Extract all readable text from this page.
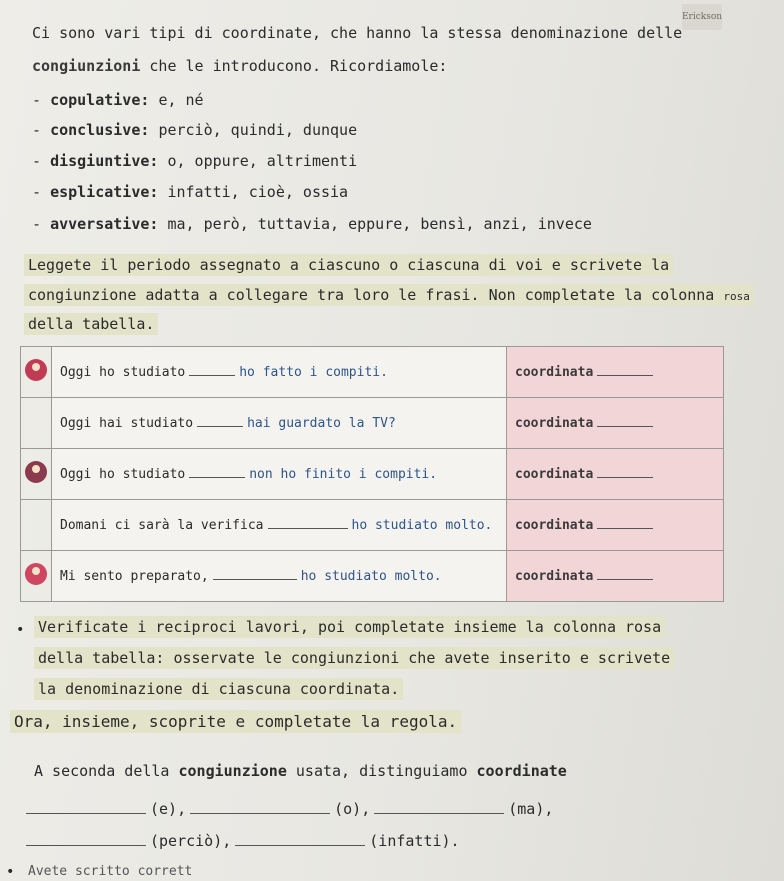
Erickson
Ci sono vari tipi di coordinate, che hanno la stessa denominazione delle
congiunzioni che le introducono. Ricordiamole:
- copulative: e, né
- conclusive: perciò, quindi, dunque
- disgiuntive: o, oppure, altrimenti
- esplicative: infatti, cioè, ossia
- avversative: ma, però, tuttavia, eppure, bensì, anzi, invece
Leggete il periodo assegnato a ciascuno o ciascuna di voi e scrivete la
congiunzione adatta a collegare tra loro le frasi. Non completate la colonna rosa
della tabella.
	Oggi ho studiato ho fatto i compiti.	coordinata
	Oggi hai studiato hai guardato la TV?	coordinata
	Oggi ho studiato non ho finito i compiti.	coordinata
	Domani ci sarà la verifica ho studiato molto.	coordinata
	Mi sento preparato, ho studiato molto.	coordinata
• Verificate i reciproci lavori, poi completate insieme la colonna rosa
della tabella: osservate le congiunzioni che avete inserito e scrivete
la denominazione di ciascuna coordinata.
Ora, insieme, scoprite e completate la regola.
A seconda della congiunzione usata, distinguiamo coordinate
(e),	(o),	(ma),
(perciò),	(infatti).
• Avete scritto corrett
